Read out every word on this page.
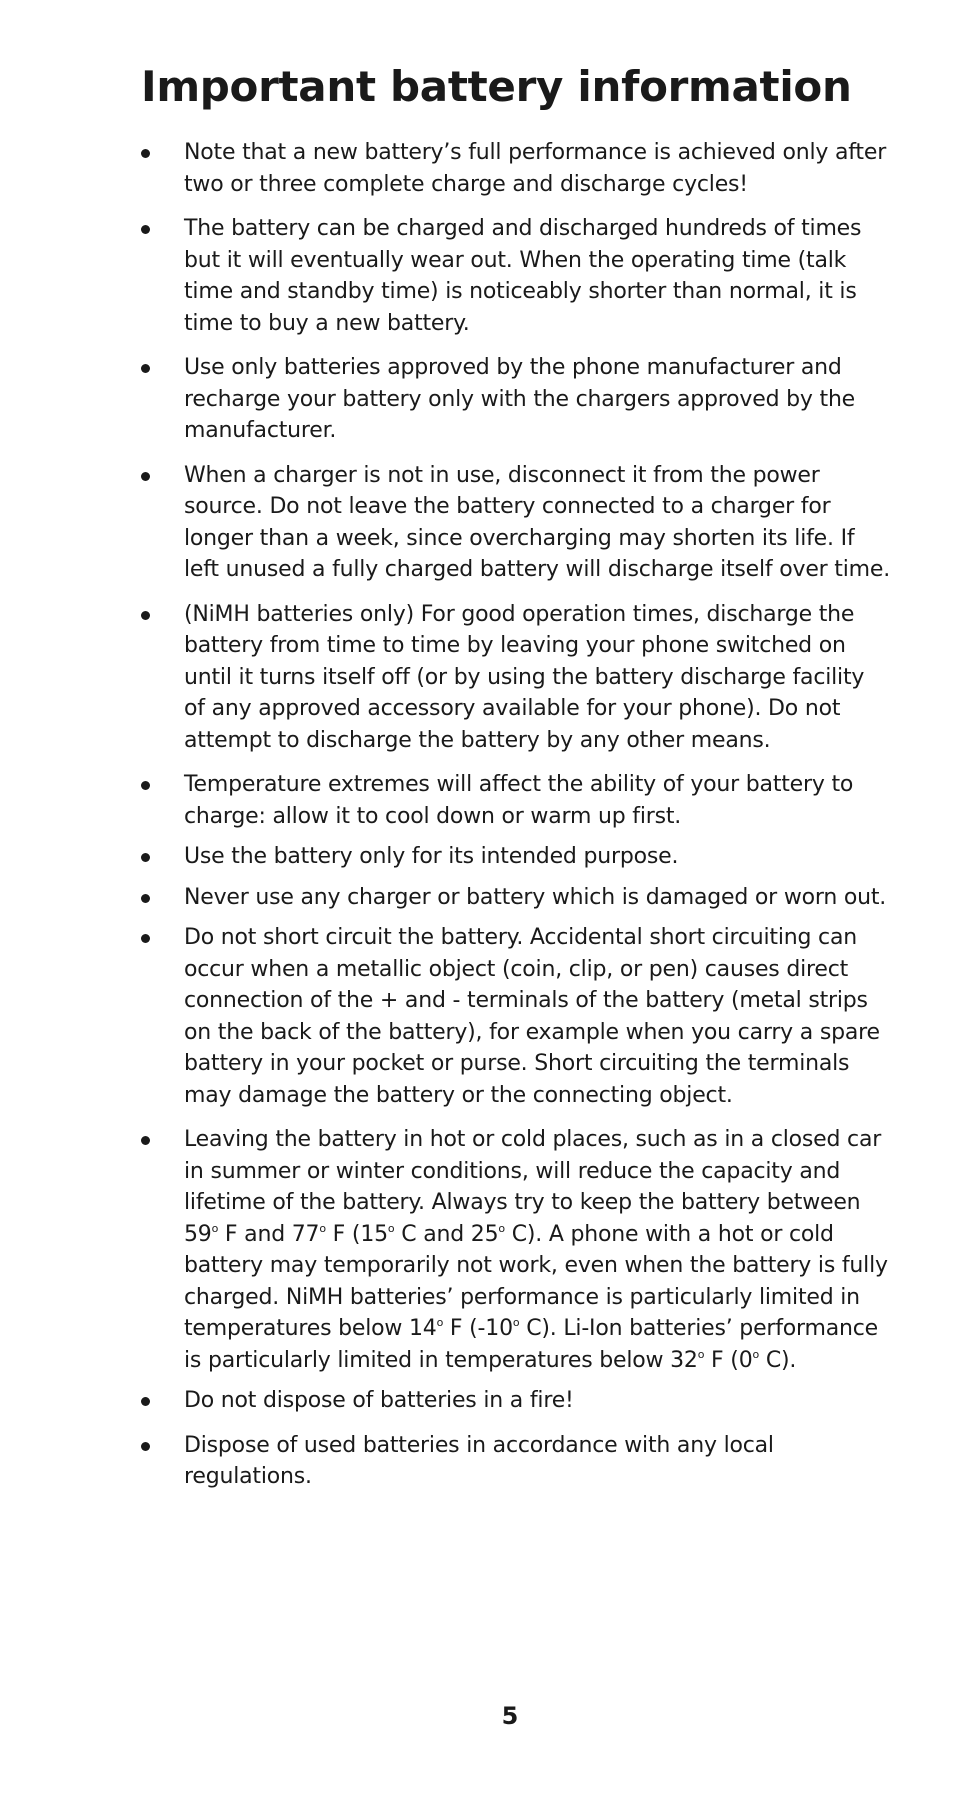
Important battery information
Note that a new battery’s full performance is achieved only after two or three complete charge and discharge cycles!
The battery can be charged and discharged hundreds of times but it will eventually wear out. When the operating time (talk time and standby time) is noticeably shorter than normal, it is time to buy a new battery.
Use only batteries approved by the phone manufacturer and recharge your battery only with the chargers approved by the manufacturer.
When a charger is not in use, disconnect it from the power source. Do not leave the battery connected to a charger for longer than a week, since overcharging may shorten its life. If left unused a fully charged battery will discharge itself over time.
(NiMH batteries only) For good operation times, discharge the battery from time to time by leaving your phone switched on until it turns itself off (or by using the battery discharge facility of any approved accessory available for your phone). Do not attempt to discharge the battery by any other means.
Temperature extremes will affect the ability of your battery to charge: allow it to cool down or warm up first.
Use the battery only for its intended purpose.
Never use any charger or battery which is damaged or worn out.
Do not short circuit the battery. Accidental short circuiting can occur when a metallic object (coin, clip, or pen) causes direct connection of the + and - terminals of the battery (metal strips on the back of the battery), for example when you carry a spare battery in your pocket or purse. Short circuiting the terminals may damage the battery or the connecting object.
Leaving the battery in hot or cold places, such as in a closed car in summer or winter conditions, will reduce the capacity and lifetime of the battery. Always try to keep the battery between 59$^o$ F and 77$^o$ F (15$^o$ C and 25$^o$ C). A phone with a hot or cold battery may temporarily not work, even when the battery is fully charged. NiMH batteries’ performance is particularly limited in temperatures below 14$^o$ F (-10$^o$ C). Li-Ion batteries’ performance is particularly limited in temperatures below 32$^o$ F (0$^o$ C).
Do not dispose of batteries in a fire!
Dispose of used batteries in accordance with any local regulations.
5
